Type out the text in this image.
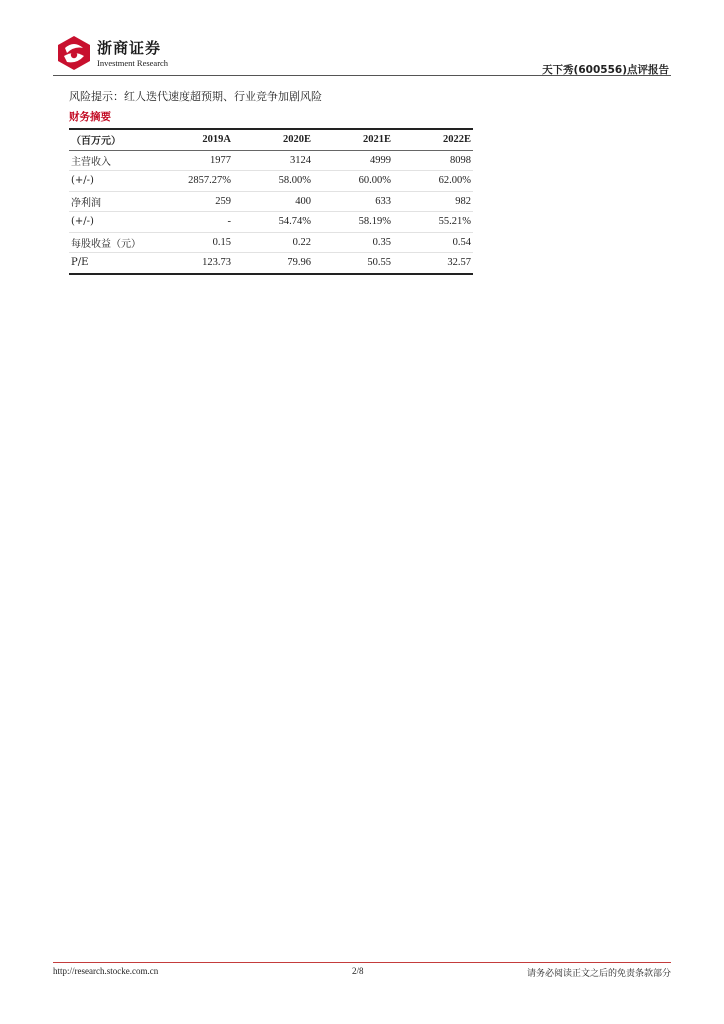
浙商证券
Investment Research
天下秀(600556)点评报告
风险提示：红人迭代速度超预期、行业竞争加剧风险
财务摘要
（百万元）	2019A	2020E	2021E	2022E
主营收入	1977	3124	4999	8098
(+/-)	2857.27%	58.00%	60.00%	62.00%
净利润	259	400	633	982
(+/-)	-	54.74%	58.19%	55.21%
每股收益（元）	0.15	0.22	0.35	0.54
P/E	123.73	79.96	50.55	32.57
http://research.stocke.com.cn	2/8	请务必阅读正文之后的免责条款部分
